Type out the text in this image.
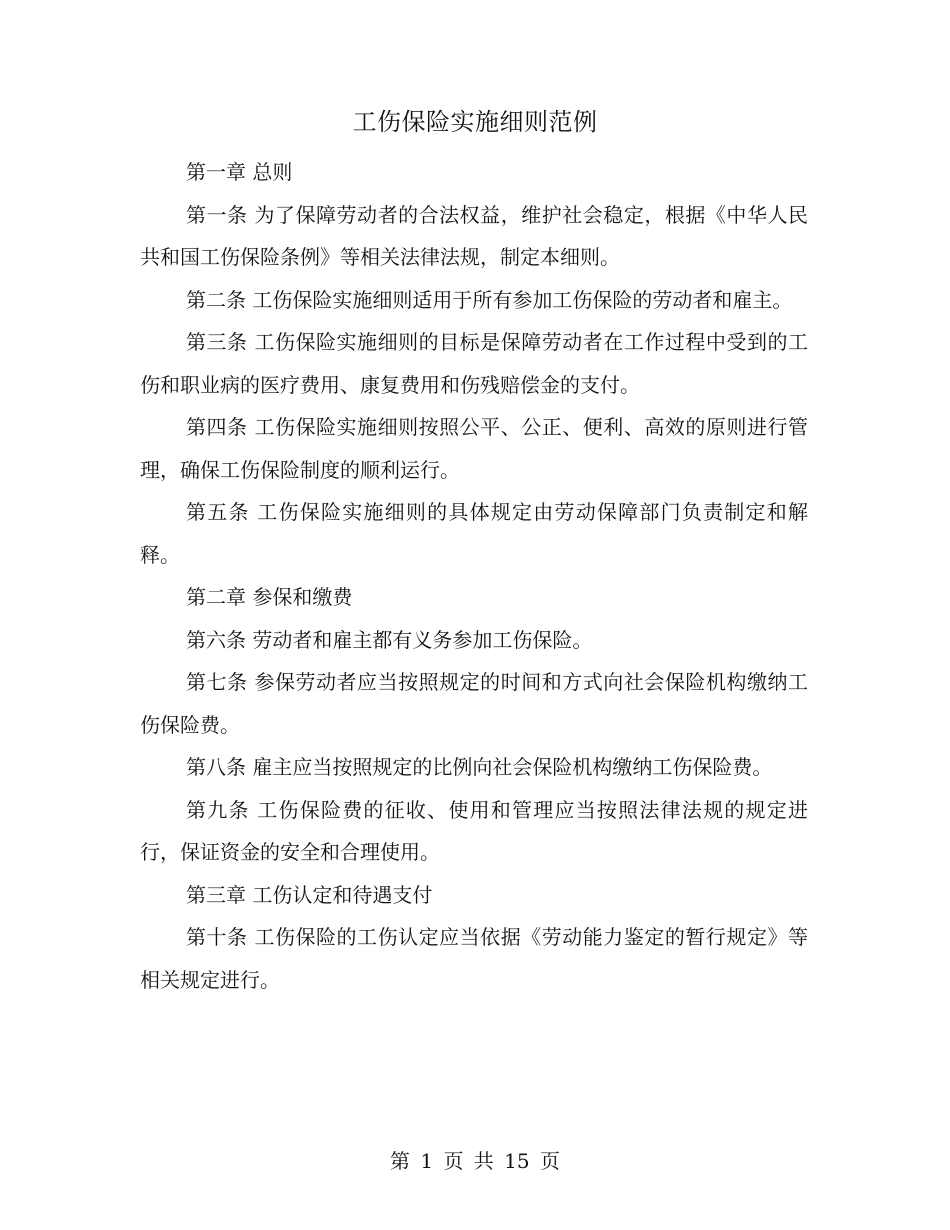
工伤保险实施细则范例

第一章 总则

第一条 为了保障劳动者的合法权益，维护社会稳定，根据《中华人民共和国工伤保险条例》等相关法律法规，制定本细则。

第二条 工伤保险实施细则适用于所有参加工伤保险的劳动者和雇主。

第三条 工伤保险实施细则的目标是保障劳动者在工作过程中受到的工伤和职业病的医疗费用、康复费用和伤残赔偿金的支付。

第四条 工伤保险实施细则按照公平、公正、便利、高效的原则进行管理，确保工伤保险制度的顺利运行。

第五条 工伤保险实施细则的具体规定由劳动保障部门负责制定和解释。

第二章 参保和缴费

第六条 劳动者和雇主都有义务参加工伤保险。

第七条 参保劳动者应当按照规定的时间和方式向社会保险机构缴纳工伤保险费。

第八条 雇主应当按照规定的比例向社会保险机构缴纳工伤保险费。

第九条 工伤保险费的征收、使用和管理应当按照法律法规的规定进行，保证资金的安全和合理使用。

第三章 工伤认定和待遇支付

第十条 工伤保险的工伤认定应当依据《劳动能力鉴定的暂行规定》等相关规定进行。

第 1 页 共 15 页
